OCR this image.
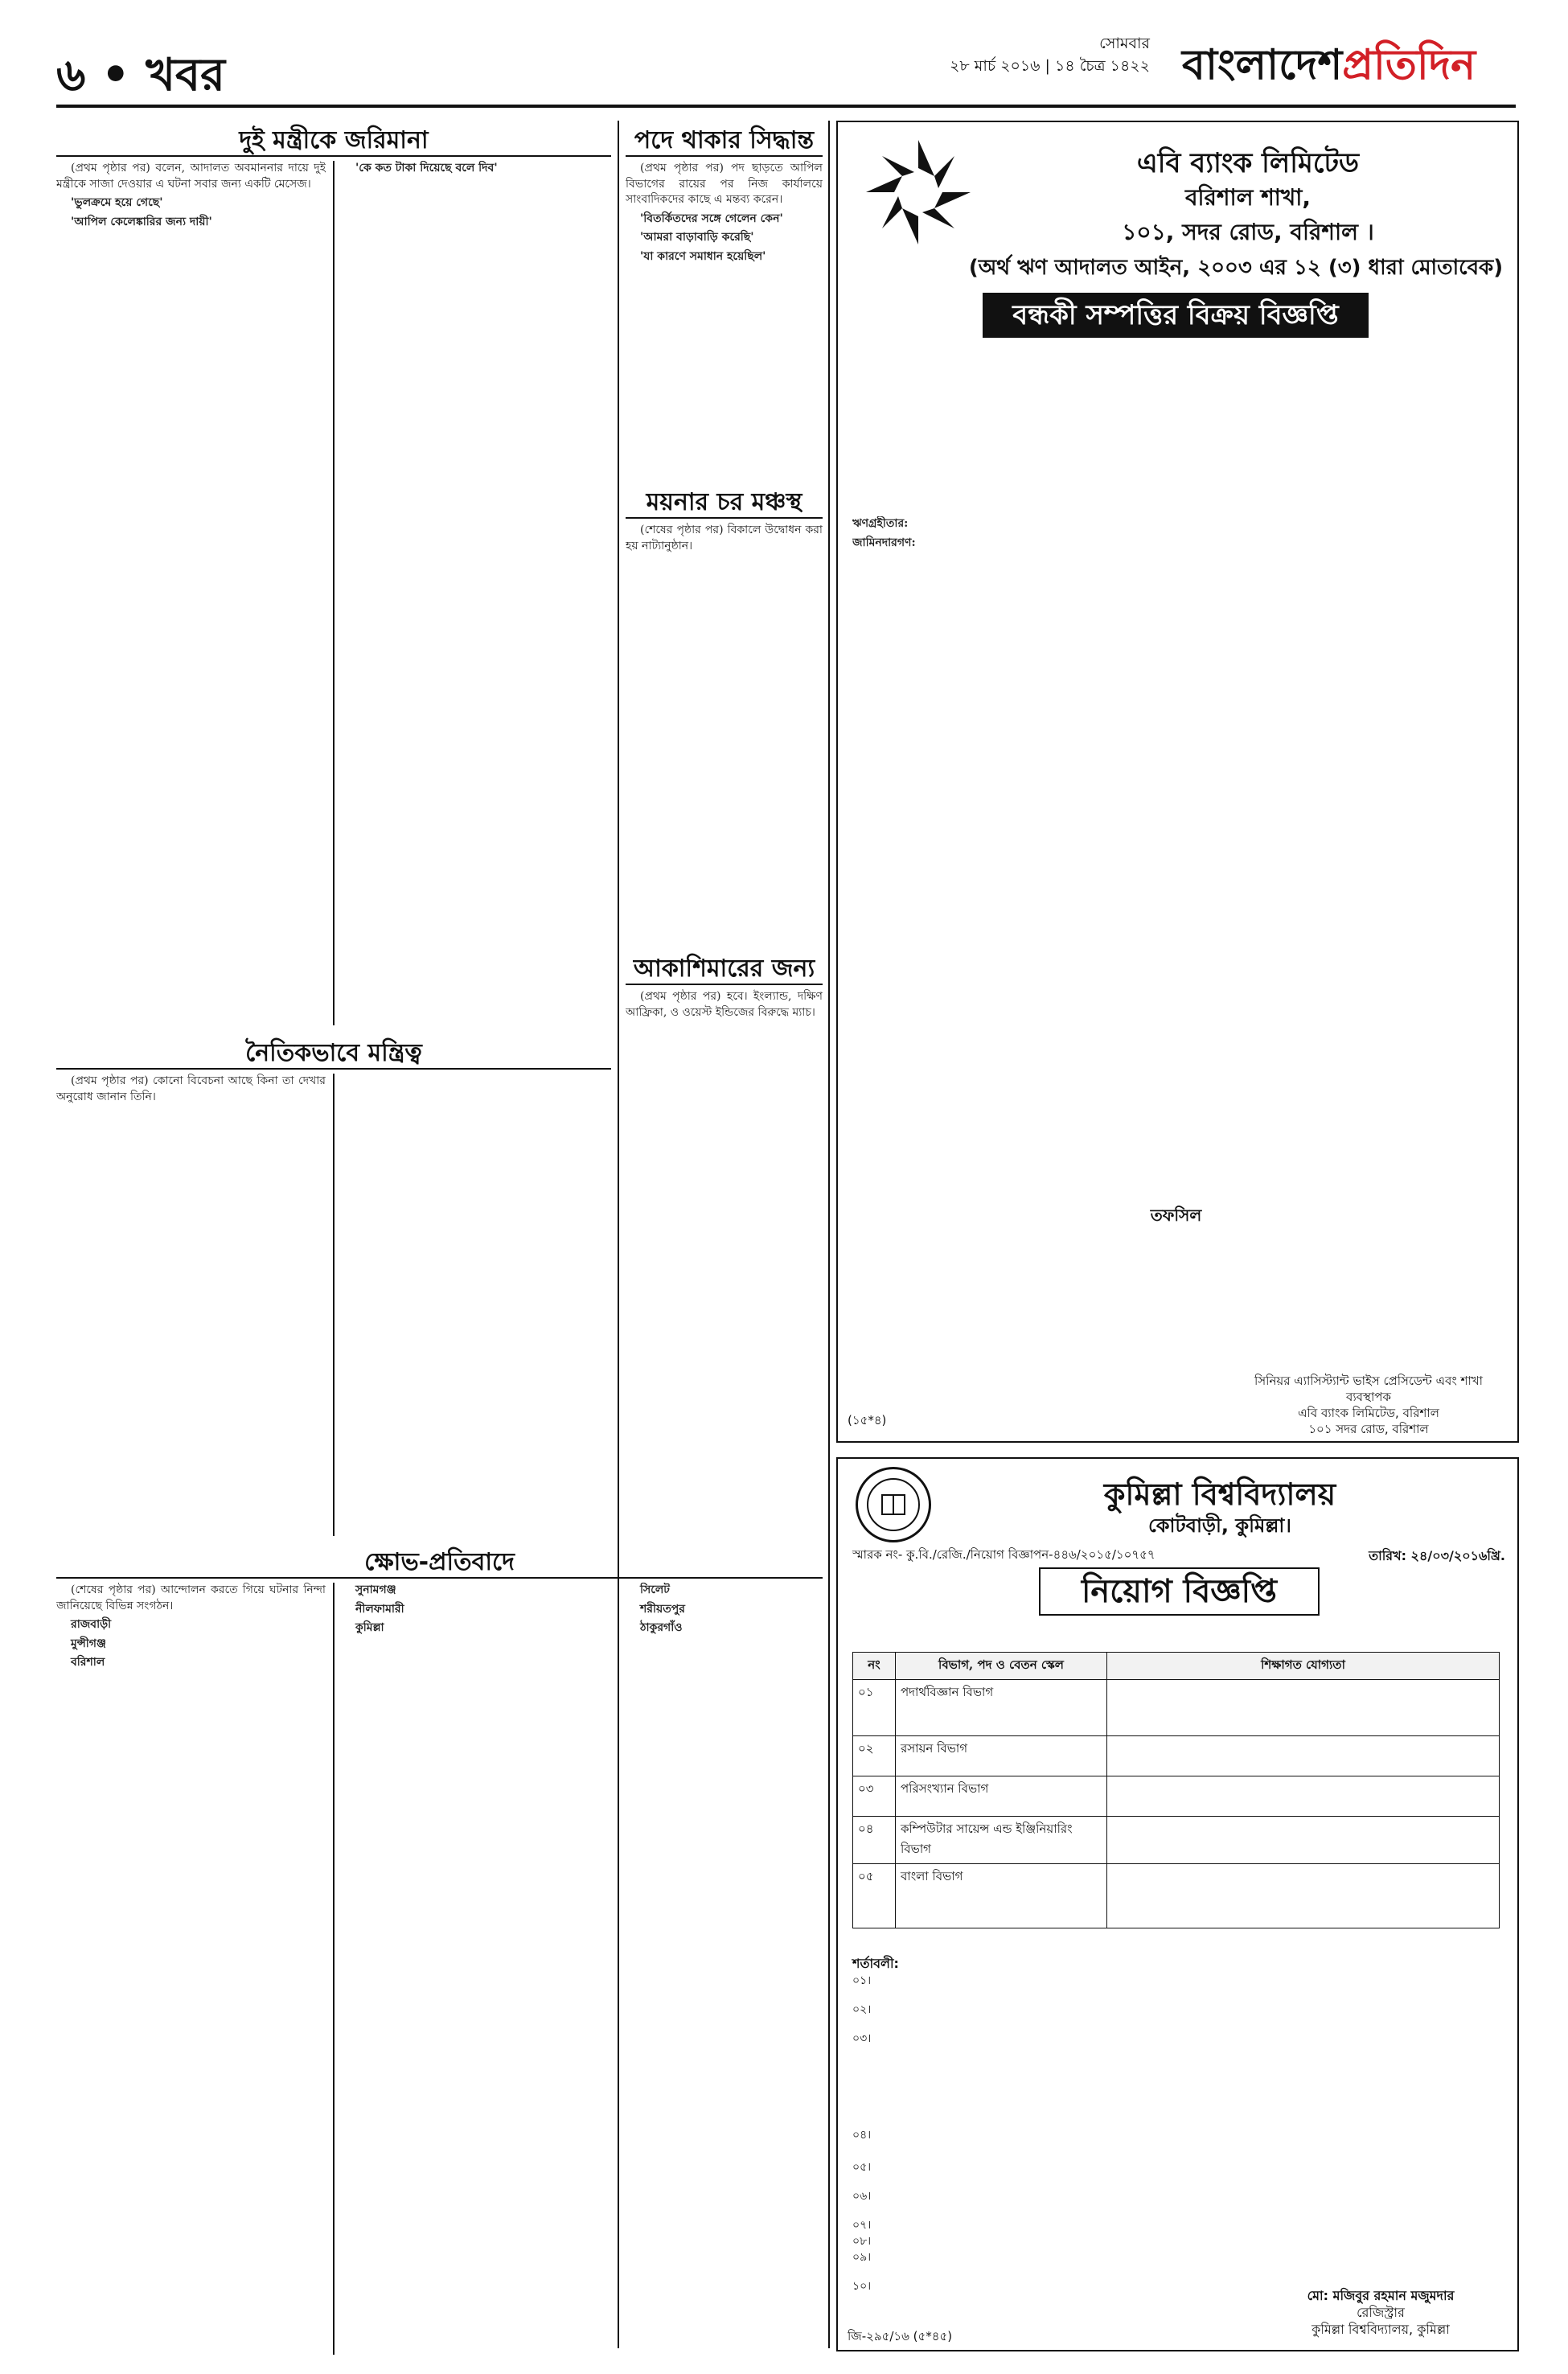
৬ • খবর
সোমবার
২৮ মার্চ ২০১৬ | ১৪ চৈত্র ১৪২২ বাংলাদেশপ্রতিদিন
দুই মন্ত্রীকে জরিমানা

(প্রথম পৃষ্ঠার পর) বলেন, আদালত অবমাননার দায়ে দুই মন্ত্রীকে সাজা দেওয়ার এ ঘটনা সবার জন্য একটি মেসেজ।

'ভুলক্রমে হয়ে গেছে'

'আপিল কেলেঙ্কারির জন্য দায়ী'

'কে কত টাকা দিয়েছে বলে দিব'

পদে থাকার সিদ্ধান্ত

(প্রথম পৃষ্ঠার পর) পদ ছাড়তে আপিল বিভাগের রায়ের পর নিজ কার্যালয়ে সাংবাদিকদের কাছে এ মন্তব্য করেন।

'বিতর্কিতদের সঙ্গে গেলেন কেন'

'আমরা বাড়াবাড়ি করেছি'

'যা কারণে সমাধান হয়েছিল'

ময়নার চর মঞ্চস্থ

(শেষের পৃষ্ঠার পর) বিকালে উদ্বোধন করা হয় নাট্যানুষ্ঠান।

আকাশিমারের জন্য

(প্রথম পৃষ্ঠার পর) হবে। ইংল্যান্ড, দক্ষিণ আফ্রিকা, ও ওয়েস্ট ইন্ডিজের বিরুদ্ধে ম্যাচ।

নৈতিকভাবে মন্ত্রিত্ব

(প্রথম পৃষ্ঠার পর) কোনো বিবেচনা আছে কিনা তা দেখার অনুরোধ জানান তিনি।

ক্ষোভ-প্রতিবাদে

(শেষের পৃষ্ঠার পর) আন্দোলন করতে গিয়ে ঘটনার নিন্দা জানিয়েছে বিভিন্ন সংগঠন।

রাজবাড়ী

মুন্সীগঞ্জ

বরিশাল

সুনামগঞ্জ

নীলফামারী

কুমিল্লা

সিলেট

শরীয়তপুর

ঠাকুরগাঁও

এবি ব্যাংক লিমিটেড
বরিশাল শাখা,
১০১, সদর রোড, বরিশাল ।
(অর্থ ঋণ আদালত আইন, ২০০৩ এর ১২ (৩) ধারা মোতাবেক)
বন্ধকী সম্পত্তির বিক্রয় বিজ্ঞপ্তি

ঋণগ্রহীতার:

জামিনদারগণ:

তফসিল
সিনিয়র এ্যাসিস্ট্যান্ট ভাইস প্রেসিডেন্ট এবং শাখা ব্যবস্থাপক
এবি ব্যাংক লিমিটেড, বরিশাল
১০১ সদর রোড, বরিশাল
(১৫*৪)
কুমিল্লা বিশ্ববিদ্যালয়
কোটবাড়ী, কুমিল্লা।
স্মারক নং- কু.বি./রেজি./নিয়োগ বিজ্ঞাপন-৪৪৬/২০১৫/১০৭৫৭	তারিখ: ২৪/০৩/২০১৬খ্রি.
নিয়োগ বিজ্ঞপ্তি
নং	বিভাগ, পদ ও বেতন স্কেল	শিক্ষাগত যোগ্যতা
০১	পদার্থবিজ্ঞান বিভাগ	
০২	রসায়ন বিভাগ	
০৩	পরিসংখ্যান বিভাগ	
০৪	কম্পিউটার সায়েন্স এন্ড ইঞ্জিনিয়ারিং বিভাগ	
০৫	বাংলা বিভাগ	
শর্তাবলী:
০১।
০২।
০৩।
০৪।
০৫।
০৬।
০৭।
০৮।
০৯।
১০।
মো: মজিবুর রহমান মজুমদার
রেজিস্ট্রার
কুমিল্লা বিশ্ববিদ্যালয়, কুমিল্লা
জি-২৯৫/১৬ (৫*৪৫)
